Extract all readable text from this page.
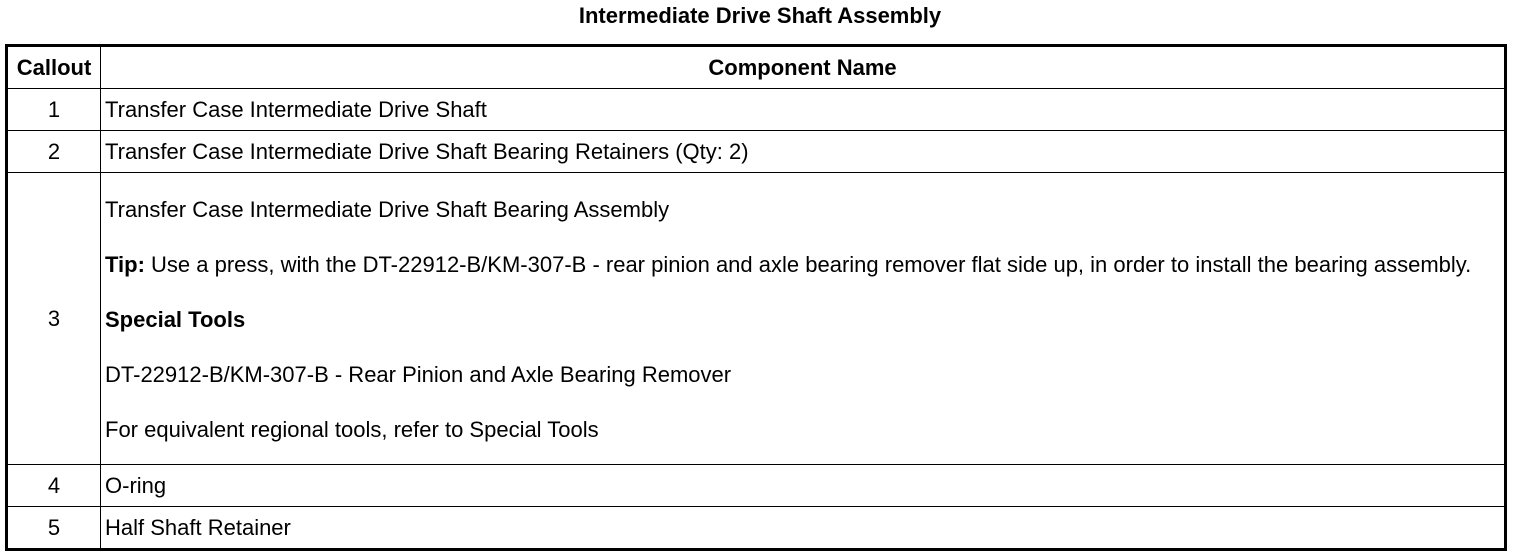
Intermediate Drive Shaft Assembly
Callout	Component Name
1	Transfer Case Intermediate Drive Shaft
2	Transfer Case Intermediate Drive Shaft Bearing Retainers (Qty: 2)
3	Transfer Case Intermediate Drive Shaft Bearing Assembly

Tip: Use a press, with the DT-22912-B/KM-307-B - rear pinion and axle bearing remover flat side up, in order to install the bearing assembly.

Special Tools

DT-22912-B/KM-307-B - Rear Pinion and Axle Bearing Remover

For equivalent regional tools, refer to Special Tools

4	O-ring
5	Half Shaft Retainer
